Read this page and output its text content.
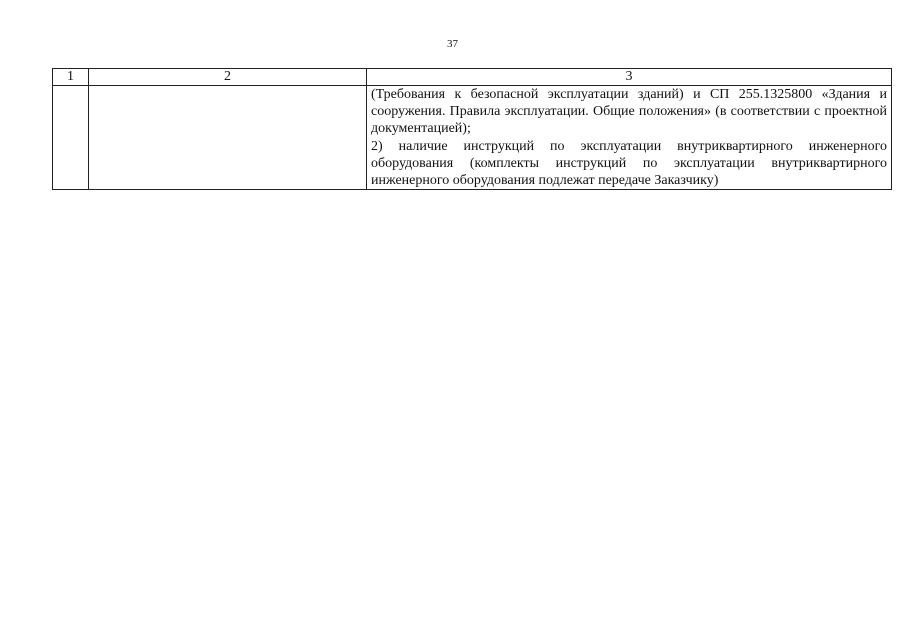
37
1	2	3

		(Требования к безопасной эксплуатации зданий) и СП 255.1325800 «Здания и сооружения. Правила эксплуатации. Общие положения» (в соответствии с проектной документацией);
2) наличие инструкций по эксплуатации внутриквартирного инженерного оборудования (комплекты инструкций по эксплуатации внутриквартирного инженерного оборудования подлежат передаче Заказчику)
